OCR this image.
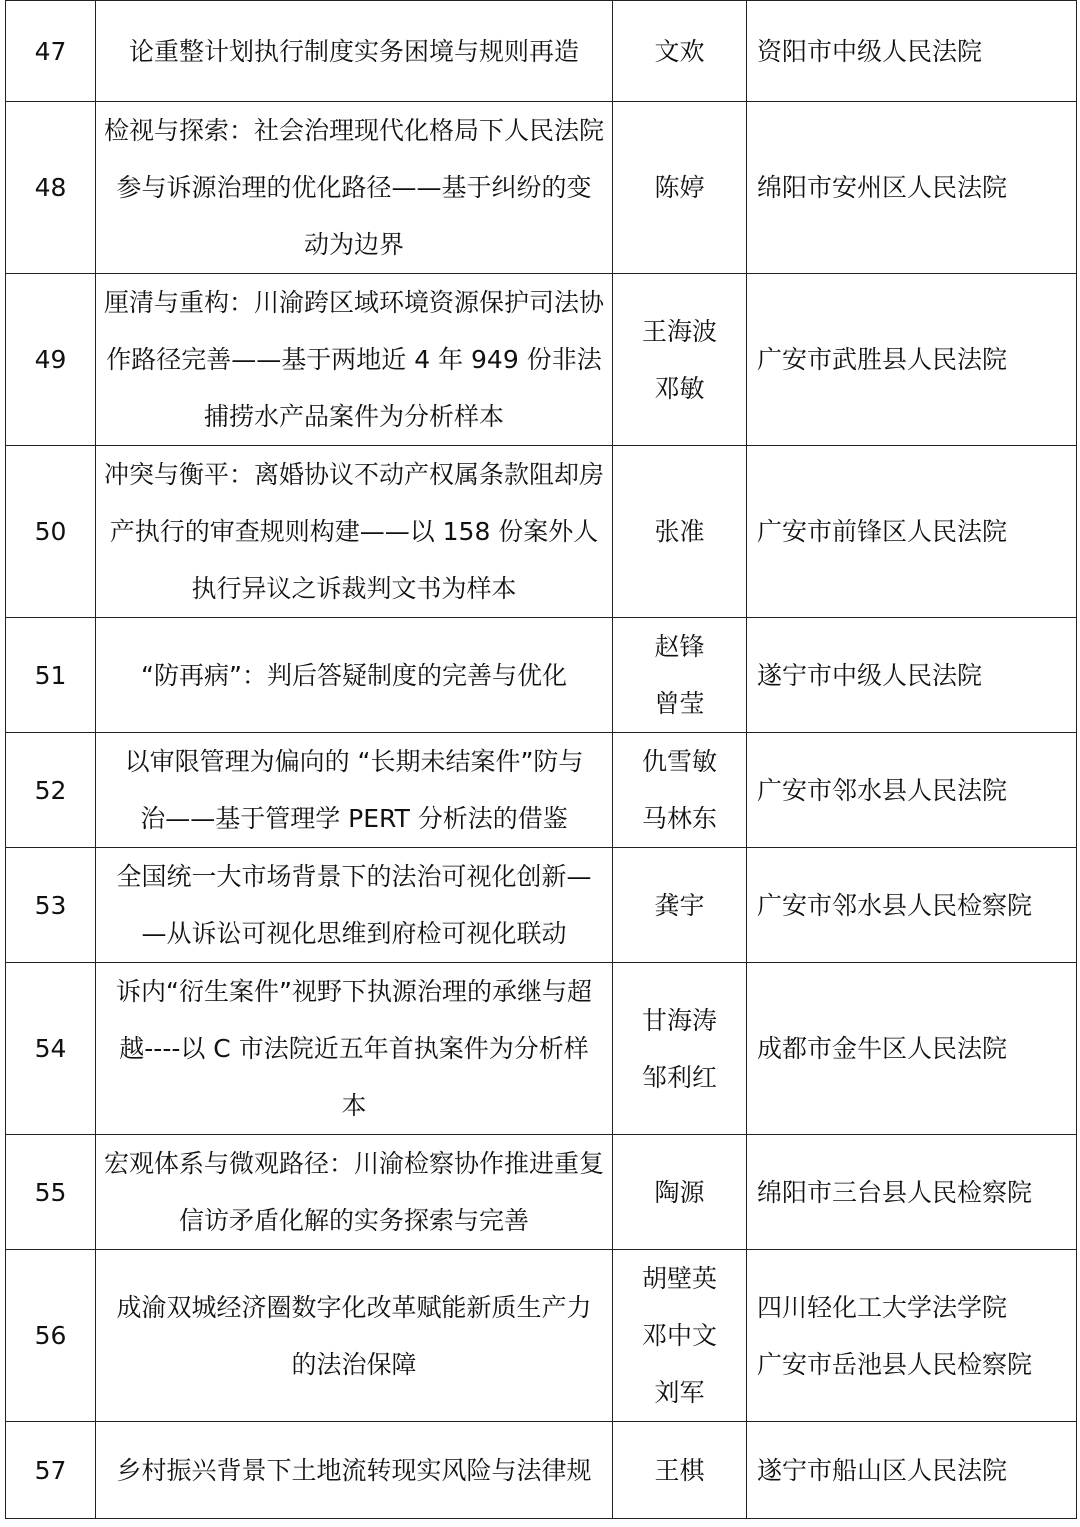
47	论重整计划执行制度实务困境与规则再造	文欢	资阳市中级人民法院

48	检视与探索：社会治理现代化格局下人民法院
参与诉源治理的优化路径——基于纠纷的变
动为边界	陈婷	绵阳市安州区人民法院

49	厘清与重构：川渝跨区域环境资源保护司法协
作路径完善——基于两地近 4 年 949 份非法
捕捞水产品案件为分析样本	王海波
邓敏	广安市武胜县人民法院

50	冲突与衡平：离婚协议不动产权属条款阻却房
产执行的审查规则构建——以 158 份案外人
执行异议之诉裁判文书为样本	张准	广安市前锋区人民法院

51	“防再病”：判后答疑制度的完善与优化	赵锋
曾莹	遂宁市中级人民法院

52	以审限管理为偏向的 “长期未结案件”防与
治——基于管理学 PERT 分析法的借鉴	仇雪敏
马林东	广安市邻水县人民法院

53	全国统一大市场背景下的法治可视化创新—
—从诉讼可视化思维到府检可视化联动	龚宇	广安市邻水县人民检察院

54	诉内“衍生案件”视野下执源治理的承继与超
越----以 C 市法院近五年首执案件为分析样
本	甘海涛
邹利红	成都市金牛区人民法院

55	宏观体系与微观路径：川渝检察协作推进重复
信访矛盾化解的实务探索与完善	陶源	绵阳市三台县人民检察院

56	成渝双城经济圈数字化改革赋能新质生产力
的法治保障	胡壁英
邓中文
刘军	四川轻化工大学法学院
广安市岳池县人民检察院

57	乡村振兴背景下土地流转现实风险与法律规	王棋	遂宁市船山区人民法院
